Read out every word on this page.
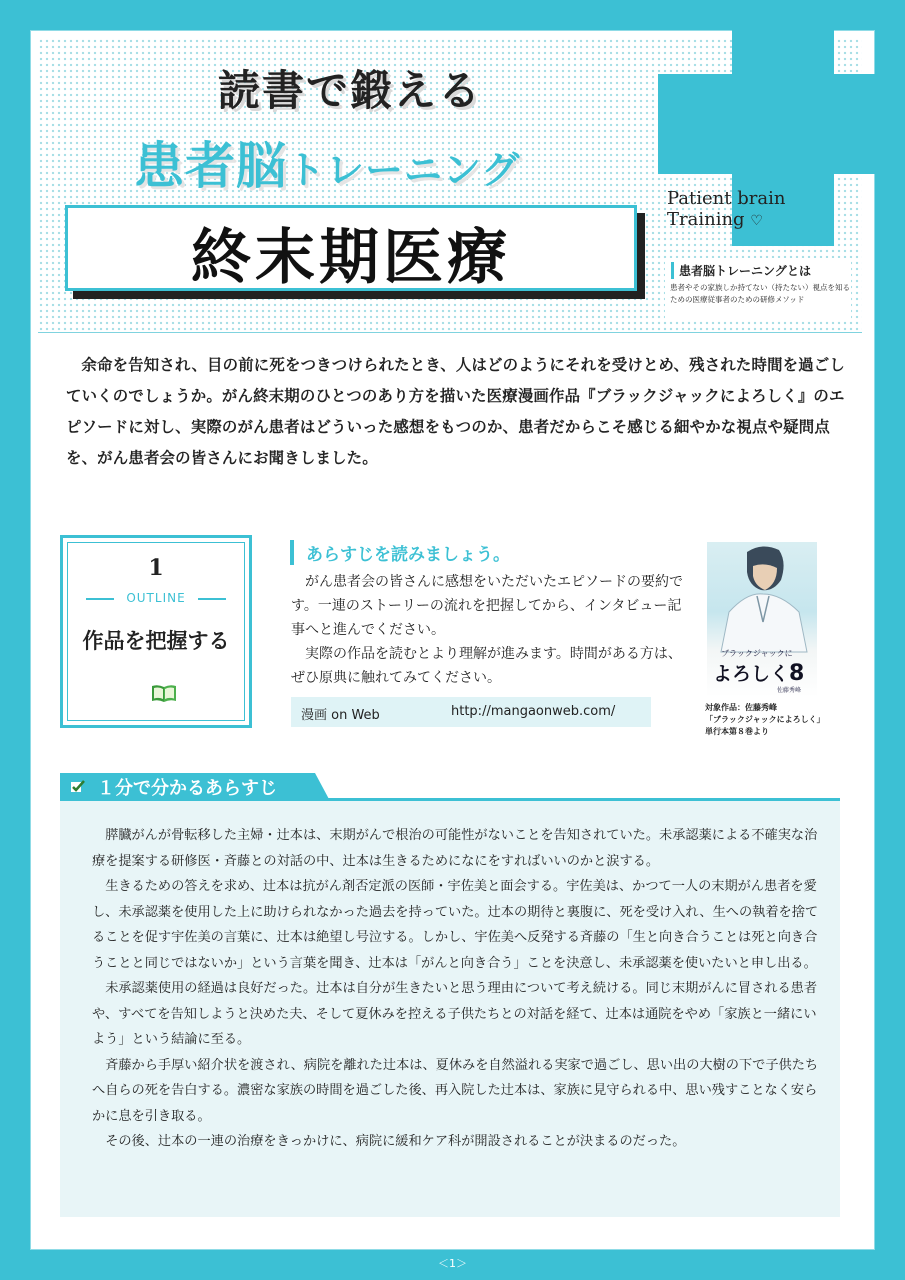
読書で鍛える
患者脳トレーニング
終末期医療

Patient brain
Training ♡

患者脳トレーニングとは

患者やその家族しか持てない（持たない）視点を知るための医療従事者のための研修メソッド

余命を告知され、目の前に死をつきつけられたとき、人はどのようにそれを受けとめ、残された時間を過ごしていくのでしょうか。がん終末期のひとつのあり方を描いた医療漫画作品『ブラックジャックによろしく』のエピソードに対し、実際のがん患者はどういった感想をもつのか、患者だからこそ感じる細やかな視点や疑問点を、がん患者会の皆さんにお聞きしました。

1

OUTLINE

作品を把握する

あらすじを読みましょう。

がん患者会の皆さんに感想をいただいたエピソードの要約です。一連のストーリーの流れを把握してから、インタビュー記事へと進んでください。

実際の作品を読むとより理解が進みます。時間がある方は、ぜひ原典に触れてみてください。

漫画 on Web	http://mangaonweb.com/
ブラックジャックに
よろしく 8
佐藤秀峰

対象作品：佐藤秀峰
「ブラックジャックによろしく」
単行本第８巻より

１分で分かるあらすじ

膵臓がんが骨転移した主婦・辻本は、末期がんで根治の可能性がないことを告知されていた。未承認薬による不確実な治療を提案する研修医・斉藤との対話の中、辻本は生きるためになにをすればいいのかと涙する。

生きるための答えを求め、辻本は抗がん剤否定派の医師・宇佐美と面会する。宇佐美は、かつて一人の末期がん患者を愛し、未承認薬を使用した上に助けられなかった過去を持っていた。辻本の期待と裏腹に、死を受け入れ、生への執着を捨てることを促す宇佐美の言葉に、辻本は絶望し号泣する。しかし、宇佐美へ反発する斉藤の「生と向き合うことは死と向き合うことと同じではないか」という言葉を聞き、辻本は「がんと向き合う」ことを決意し、未承認薬を使いたいと申し出る。

未承認薬使用の経過は良好だった。辻本は自分が生きたいと思う理由について考え続ける。同じ末期がんに冒される患者や、すべてを告知しようと決めた夫、そして夏休みを控える子供たちとの対話を経て、辻本は通院をやめ「家族と一緒にいよう」という結論に至る。

斉藤から手厚い紹介状を渡され、病院を離れた辻本は、夏休みを自然溢れる実家で過ごし、思い出の大樹の下で子供たちへ自らの死を告白する。濃密な家族の時間を過ごした後、再入院した辻本は、家族に見守られる中、思い残すことなく安らかに息を引き取る。

その後、辻本の一連の治療をきっかけに、病院に緩和ケア科が開設されることが決まるのだった。

＜1＞
